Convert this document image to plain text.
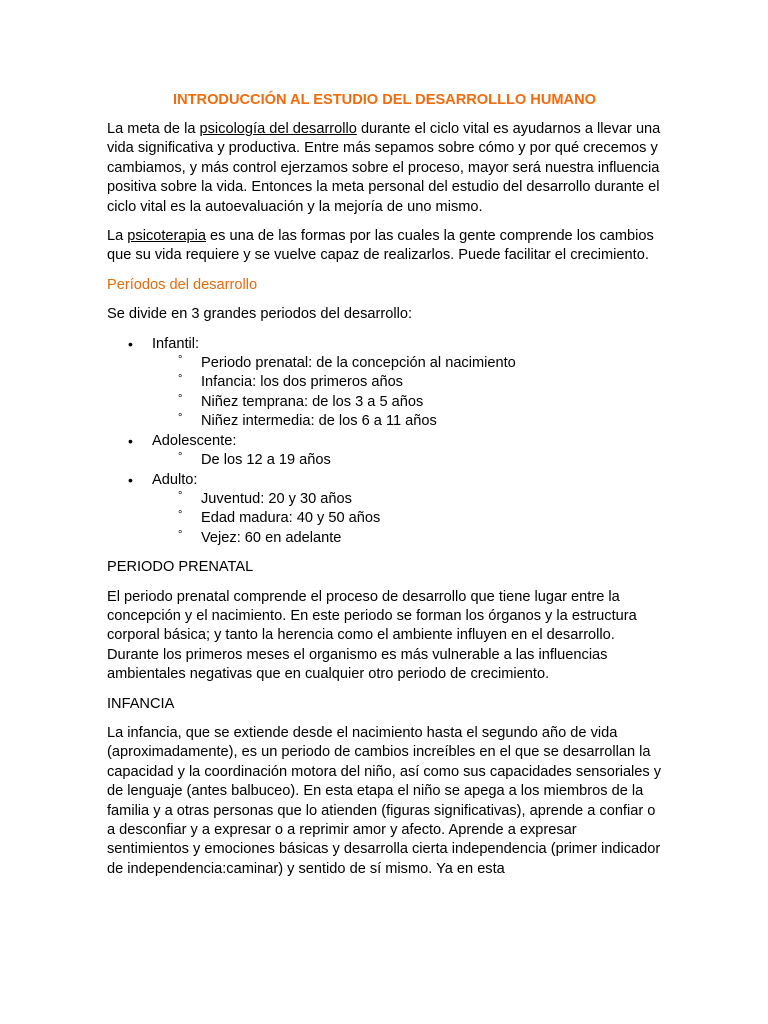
INTRODUCCIÓN AL ESTUDIO DEL DESARROLLLO HUMANO

La meta de la psicología del desarrollo durante el ciclo vital es ayudarnos a llevar una vida significativa y productiva. Entre más sepamos sobre cómo y por qué crecemos y cambiamos, y más control ejerzamos sobre el proceso, mayor será nuestra influencia positiva sobre la vida. Entonces la meta personal del estudio del desarrollo durante el ciclo vital es la autoevaluación y la mejoría de uno mismo.

La psicoterapia es una de las formas por las cuales la gente comprende los cambios que su vida requiere y se vuelve capaz de realizarlos. Puede facilitar el crecimiento.

Períodos del desarrollo

Se divide en 3 grandes periodos del desarrollo:

• Infantil:
° Periodo prenatal: de la concepción al nacimiento
° Infancia: los dos primeros años
° Niñez temprana: de los 3 a 5 años
° Niñez intermedia: de los 6 a 11 años
• Adolescente:
° De los 12 a 19 años
• Adulto:
° Juventud: 20 y 30 años
° Edad madura: 40 y 50 años
° Vejez: 60 en adelante
PERIODO PRENATAL

El periodo prenatal comprende el proceso de desarrollo que tiene lugar entre la concepción y el nacimiento. En este periodo se forman los órganos y la estructura corporal básica; y tanto la herencia como el ambiente influyen en el desarrollo. Durante los primeros meses el organismo es más vulnerable a las influencias ambientales negativas que en cualquier otro periodo de crecimiento.

INFANCIA

La infancia, que se extiende desde el nacimiento hasta el segundo año de vida (aproximadamente), es un periodo de cambios increíbles en el que se desarrollan la capacidad y la coordinación motora del niño, así como sus capacidades sensoriales y de lenguaje (antes balbuceo). En esta etapa el niño se apega a los miembros de la familia y a otras personas que lo atienden (figuras significativas), aprende a confiar o a desconfiar y a expresar o a reprimir amor y afecto. Aprende a expresar sentimientos y emociones básicas y desarrolla cierta independencia (primer indicador de independencia:caminar) y sentido de sí mismo. Ya en esta
